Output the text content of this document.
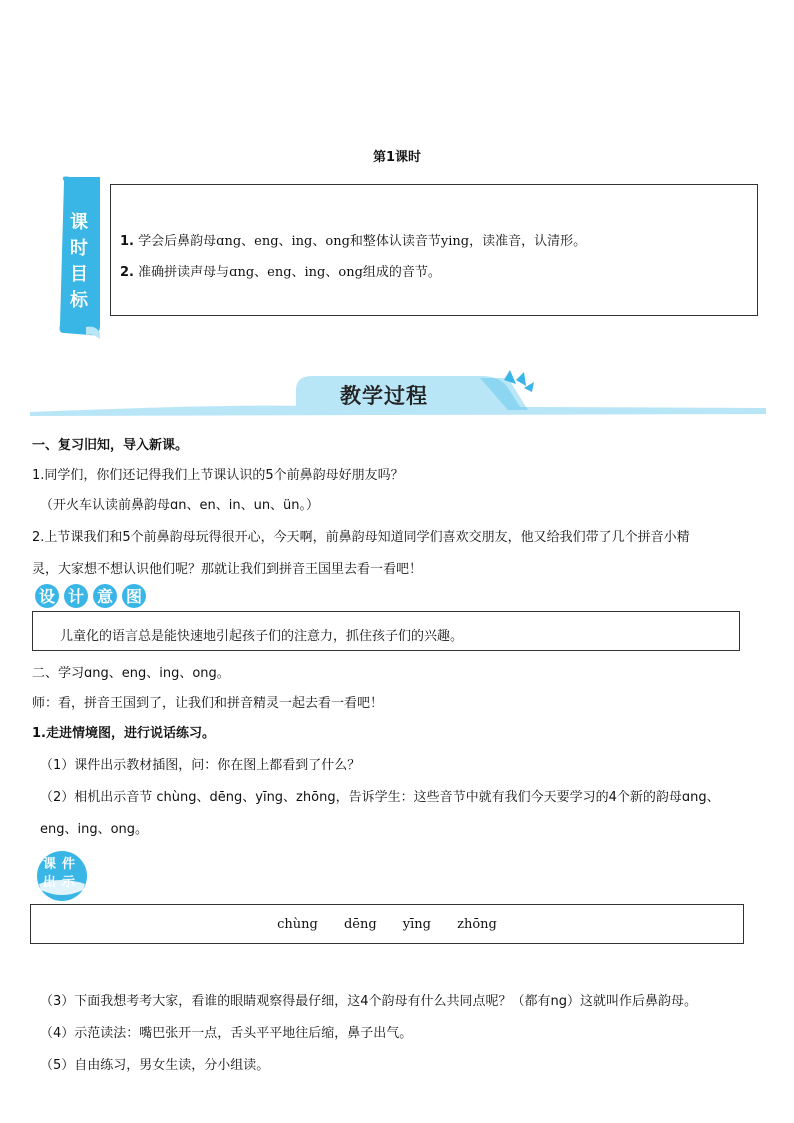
第1课时
课
时
目
标
1. 学会后鼻韵母ɑng、eng、ing、ong和整体认读音节ying，读准音，认清形。
2. 准确拼读声母与ɑng、eng、ing、ong组成的音节。
教学过程
一、复习旧知，导入新课。
1.同学们，你们还记得我们上节课认识的5个前鼻韵母好朋友吗？
（开火车认读前鼻韵母ɑn、en、in、un、ün。）
2.上节课我们和5个前鼻韵母玩得很开心，今天啊，前鼻韵母知道同学们喜欢交朋友，他又给我们带了几个拼音小精
灵，大家想不想认识他们呢？那就让我们到拼音王国里去看一看吧！
设 计 意 图
儿童化的语言总是能快速地引起孩子们的注意力，抓住孩子们的兴趣。
二、学习ɑng、eng、ing、ong。
师：看，拼音王国到了，让我们和拼音精灵一起去看一看吧！
1.走进情境图，进行说话练习。
（1）课件出示教材插图，问：你在图上都看到了什么？
（2）相机出示音节 chùng、dēng、yīng、zhōng，告诉学生：这些音节中就有我们今天要学习的4个新的韵母ɑng、
eng、ing、ong。
课件
出示
chùng dēng yīng zhōng
（3）下面我想考考大家，看谁的眼睛观察得最仔细，这4个韵母有什么共同点呢？（都有ng）这就叫作后鼻韵母。
（4）示范读法：嘴巴张开一点，舌头平平地往后缩，鼻子出气。
（5）自由练习，男女生读，分小组读。
